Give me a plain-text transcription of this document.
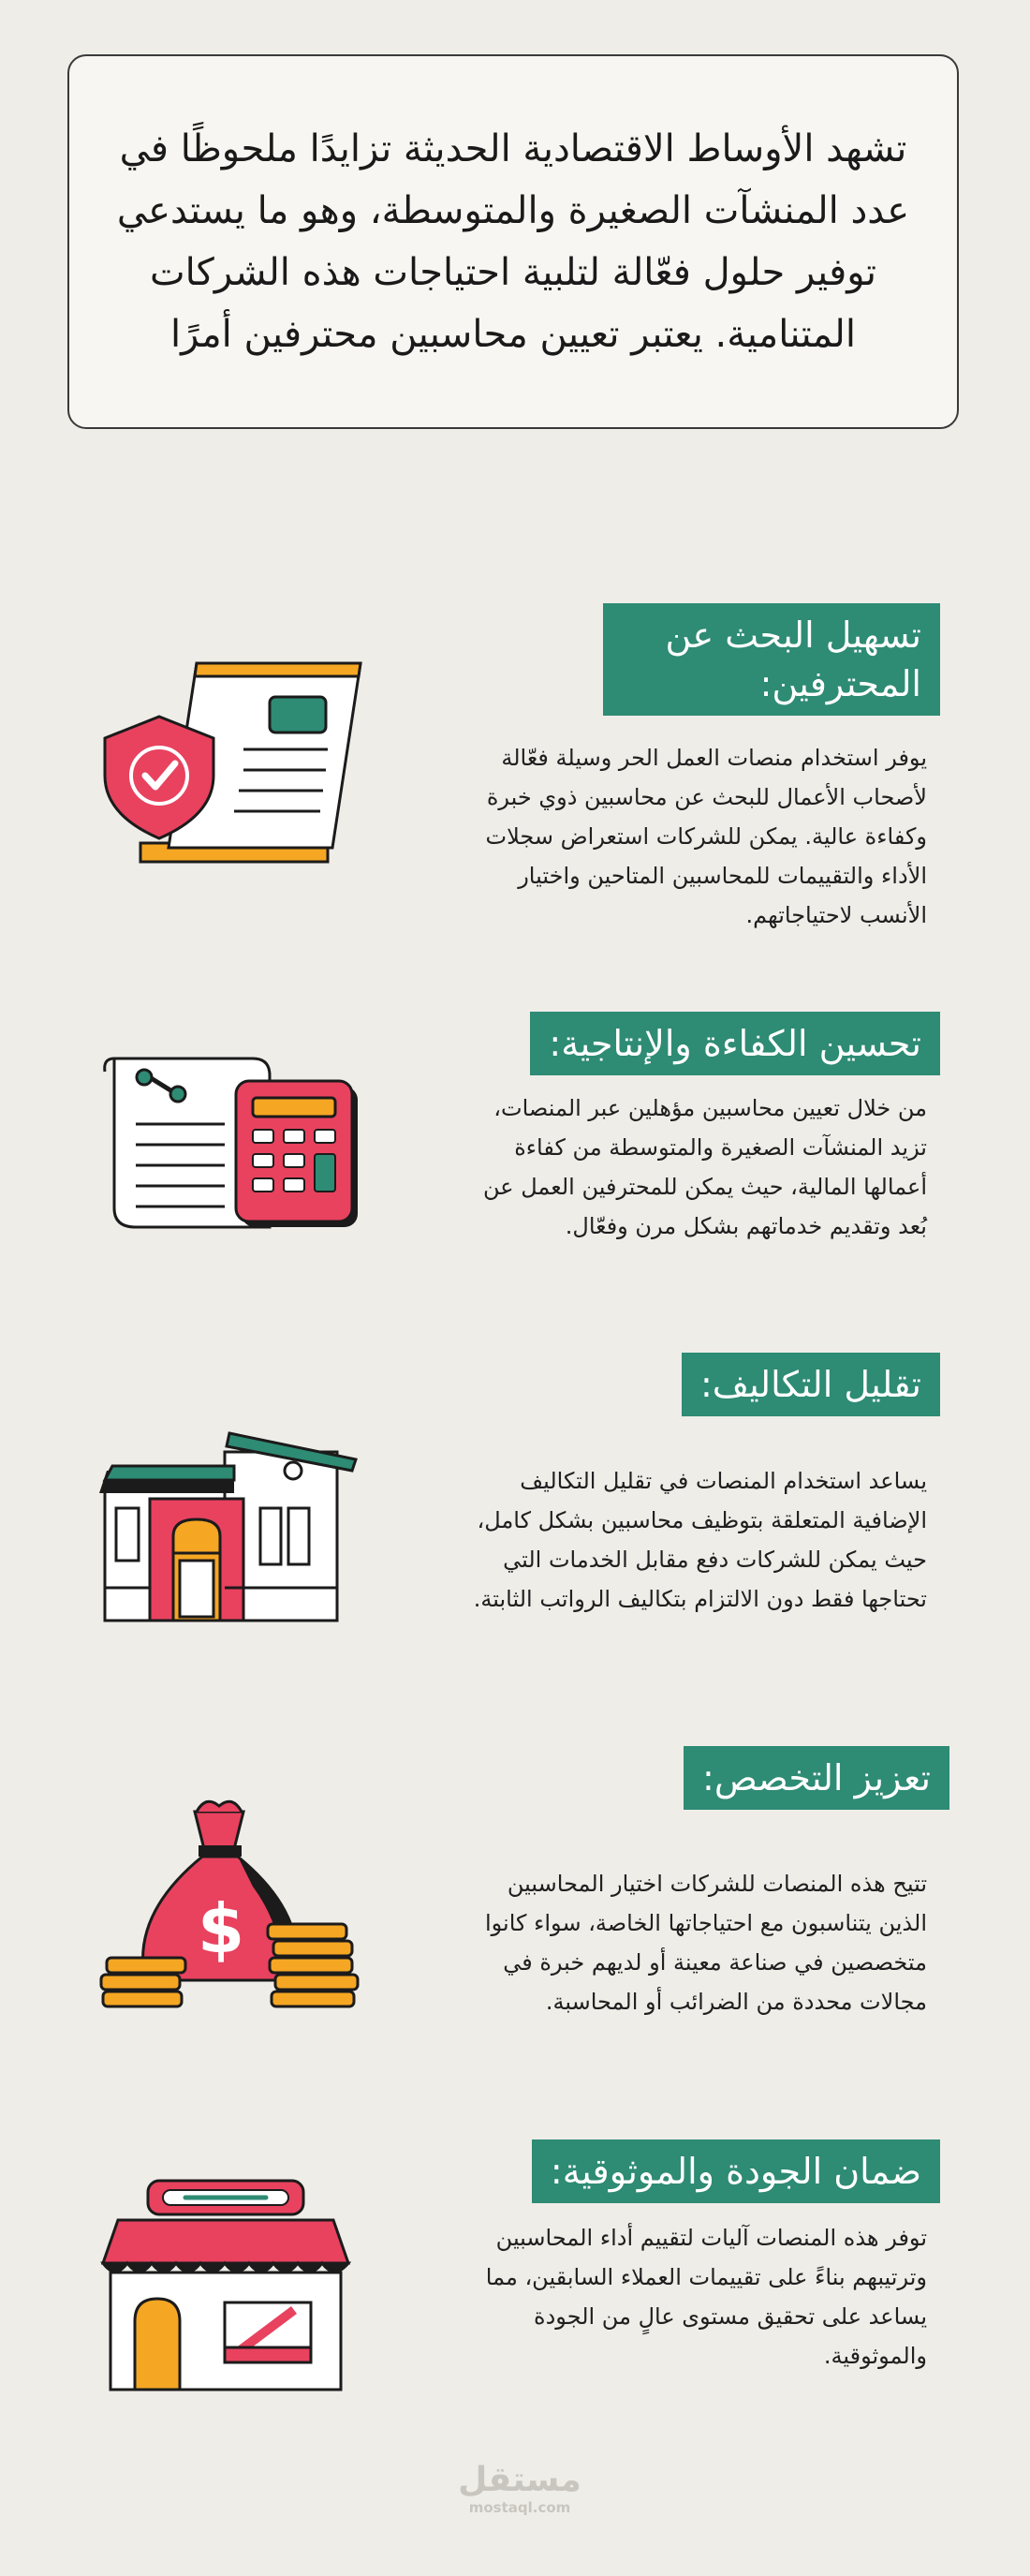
تشهد الأوساط الاقتصادية الحديثة تزايدًا ملحوظًا في عدد المنشآت الصغيرة والمتوسطة، وهو ما يستدعي توفير حلول فعّالة لتلبية احتياجات هذه الشركات المتنامية. يعتبر تعيين محاسبين محترفين أمرًا

تسهيل البحث عن المحترفين:

يوفر استخدام منصات العمل الحر وسيلة فعّالة لأصحاب الأعمال للبحث عن محاسبين ذوي خبرة وكفاءة عالية. يمكن للشركات استعراض سجلات الأداء والتقييمات للمحاسبين المتاحين واختيار الأنسب لاحتياجاتهم.

تحسين الكفاءة والإنتاجية:

من خلال تعيين محاسبين مؤهلين عبر المنصات، تزيد المنشآت الصغيرة والمتوسطة من كفاءة أعمالها المالية، حيث يمكن للمحترفين العمل عن بُعد وتقديم خدماتهم بشكل مرن وفعّال.

تقليل التكاليف:

يساعد استخدام المنصات في تقليل التكاليف الإضافية المتعلقة بتوظيف محاسبين بشكل كامل، حيث يمكن للشركات دفع مقابل الخدمات التي تحتاجها فقط دون الالتزام بتكاليف الرواتب الثابتة.

تعزيز التخصص:

تتيح هذه المنصات للشركات اختيار المحاسبين الذين يتناسبون مع احتياجاتها الخاصة، سواء كانوا متخصصين في صناعة معينة أو لديهم خبرة في مجالات محددة من الضرائب أو المحاسبة.

$
ضمان الجودة والموثوقية:

توفر هذه المنصات آليات لتقييم أداء المحاسبين وترتيبهم بناءً على تقييمات العملاء السابقين، مما يساعد على تحقيق مستوى عالٍ من الجودة والموثوقية.

مستقل
mostaql.com
